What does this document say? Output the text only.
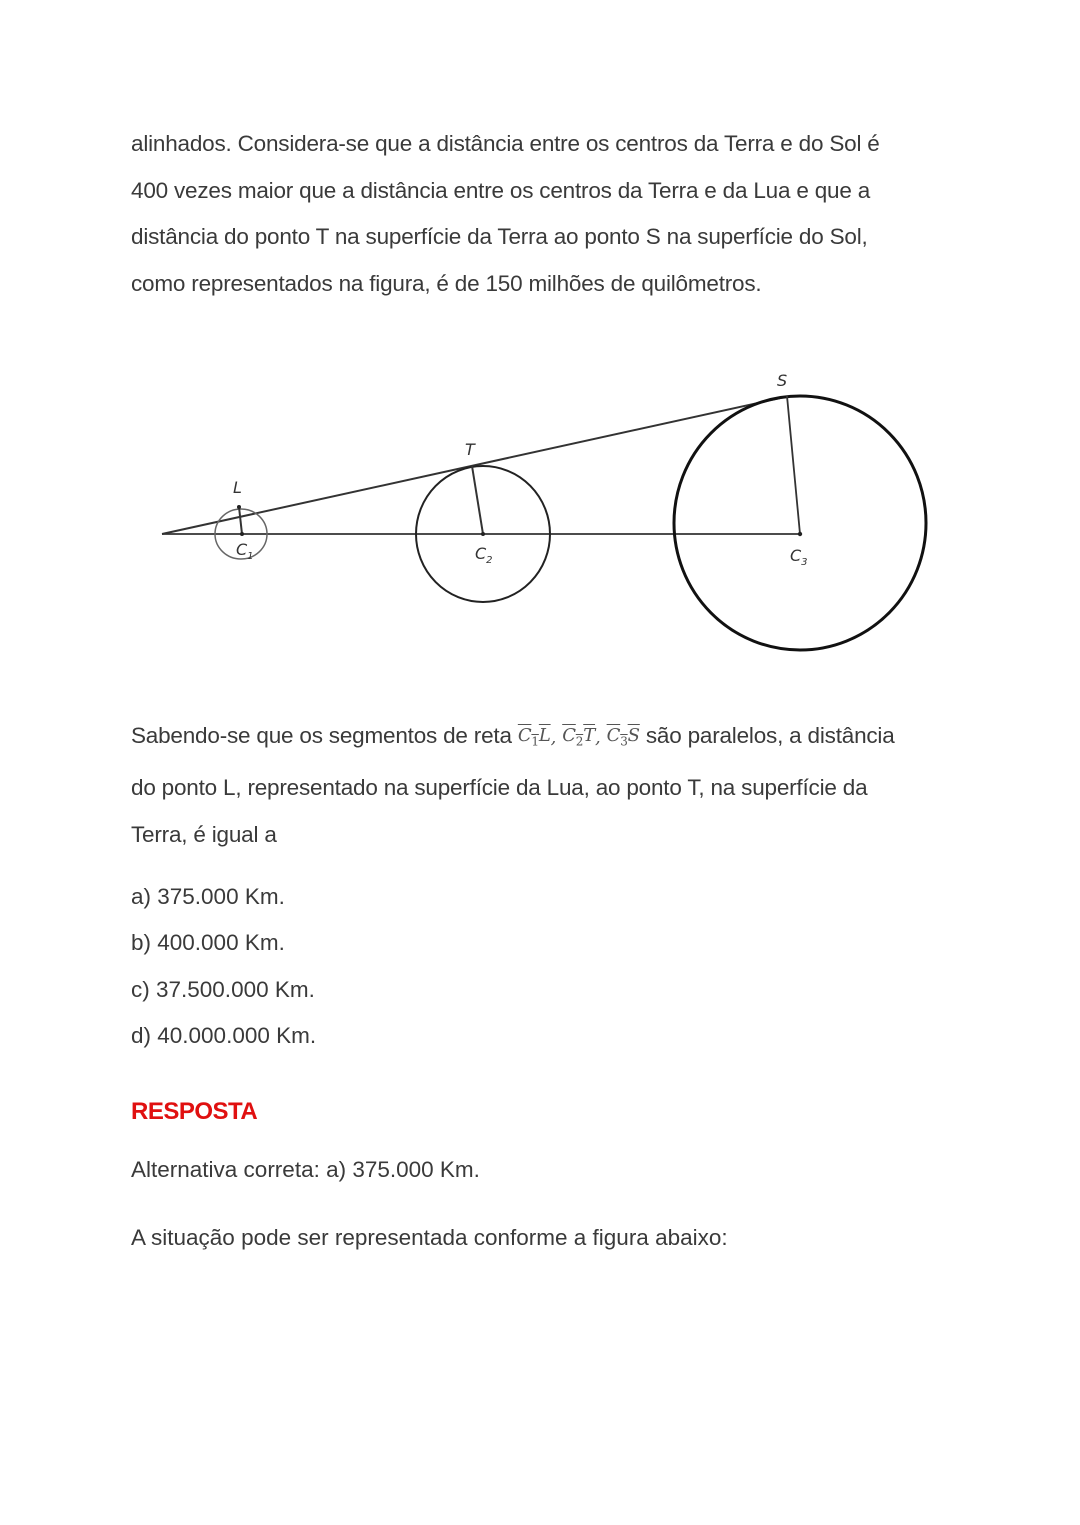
alinhados. Considera-se que a distância entre os centros da Terra e do Sol é
400 vezes maior que a distância entre os centros da Terra e da Lua e que a
distância do ponto T na superfície da Terra ao ponto S na superfície do Sol,
como representados na figura, é de 150 milhões de quilômetros.
L
T
S
$C_1$	$C_2$	$C_3$
Sabendo-se que os segmentos de reta $C_1L$, $C_2T$, $C_3S$ são paralelos, a distância
do ponto L, representado na superfície da Lua, ao ponto T, na superfície da
Terra, é igual a
a) 375.000 Km.
b) 400.000 Km.
c) 37.500.000 Km.
d) 40.000.000 Km.
RESPOSTA
Alternativa correta: a) 375.000 Km.
A situação pode ser representada conforme a figura abaixo:
